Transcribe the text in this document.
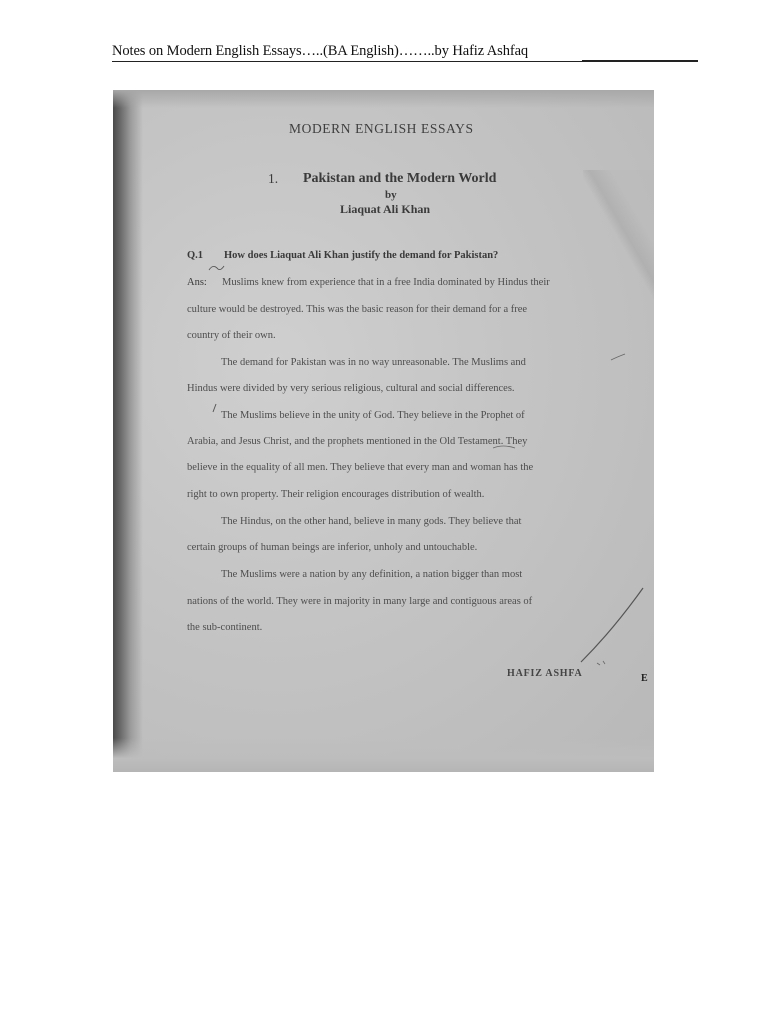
Notes on Modern English Essays…..(BA English)……..by Hafiz Ashfaq
MODERN ENGLISH ESSAYS
1. Pakistan and the Modern World
by
Liaquat Ali Khan
Q.1 How does Liaquat Ali Khan justify the demand for Pakistan?
Ans: Muslims knew from experience that in a free India dominated by Hindus their
culture would be destroyed. This was the basic reason for their demand for a free
country of their own.
The demand for Pakistan was in no way unreasonable. The Muslims and
Hindus were divided by very serious religious, cultural and social differences.
The Muslims believe in the unity of God. They believe in the Prophet of
Arabia, and Jesus Christ, and the prophets mentioned in the Old Testament. They
believe in the equality of all men. They believe that every man and woman has the
right to own property. Their religion encourages distribution of wealth.
The Hindus, on the other hand, believe in many gods. They believe that
certain groups of human beings are inferior, unholy and untouchable.
The Muslims were a nation by any definition, a nation bigger than most
nations of the world. They were in majority in many large and contiguous areas of
the sub-continent.
HAFIZ ASHFA	E
